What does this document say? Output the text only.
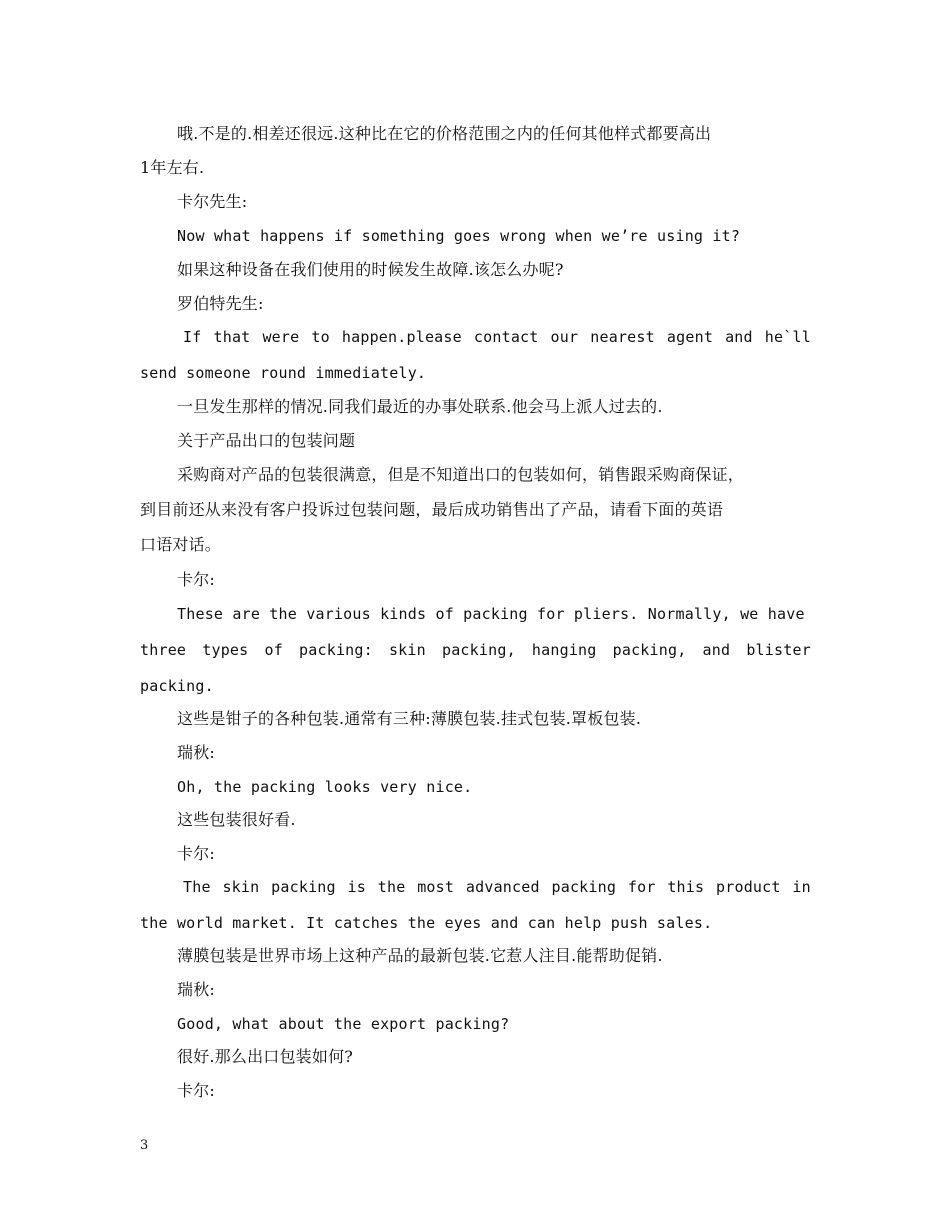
哦.不是的.相差还很远.这种比在它的价格范围之内的任何其他样式都要高出
1年左右.
卡尔先生:
Now what happens if something goes wrong when we’re using it?
如果这种设备在我们使用的时候发生故障.该怎么办呢?
罗伯特先生:
If that were to happen.please contact our nearest agent and he`ll
send someone round immediately.
一旦发生那样的情况.同我们最近的办事处联系.他会马上派人过去的.
关于产品出口的包装问题
采购商对产品的包装很满意，但是不知道出口的包装如何，销售跟采购商保证，
到目前还从来没有客户投诉过包装问题，最后成功销售出了产品，请看下面的英语
口语对话。
卡尔:
These are the various kinds of packing for pliers. Normally, we have
three types of packing: skin packing, hanging packing, and blister
packing.
这些是钳子的各种包装.通常有三种:薄膜包装.挂式包装.罩板包装.
瑞秋:
Oh, the packing looks very nice.
这些包装很好看.
卡尔:
The skin packing is the most advanced packing for this product in
the world market. It catches the eyes and can help push sales.
薄膜包装是世界市场上这种产品的最新包装.它惹人注目.能帮助促销.
瑞秋:
Good, what about the export packing?
很好.那么出口包装如何?
卡尔:
3
